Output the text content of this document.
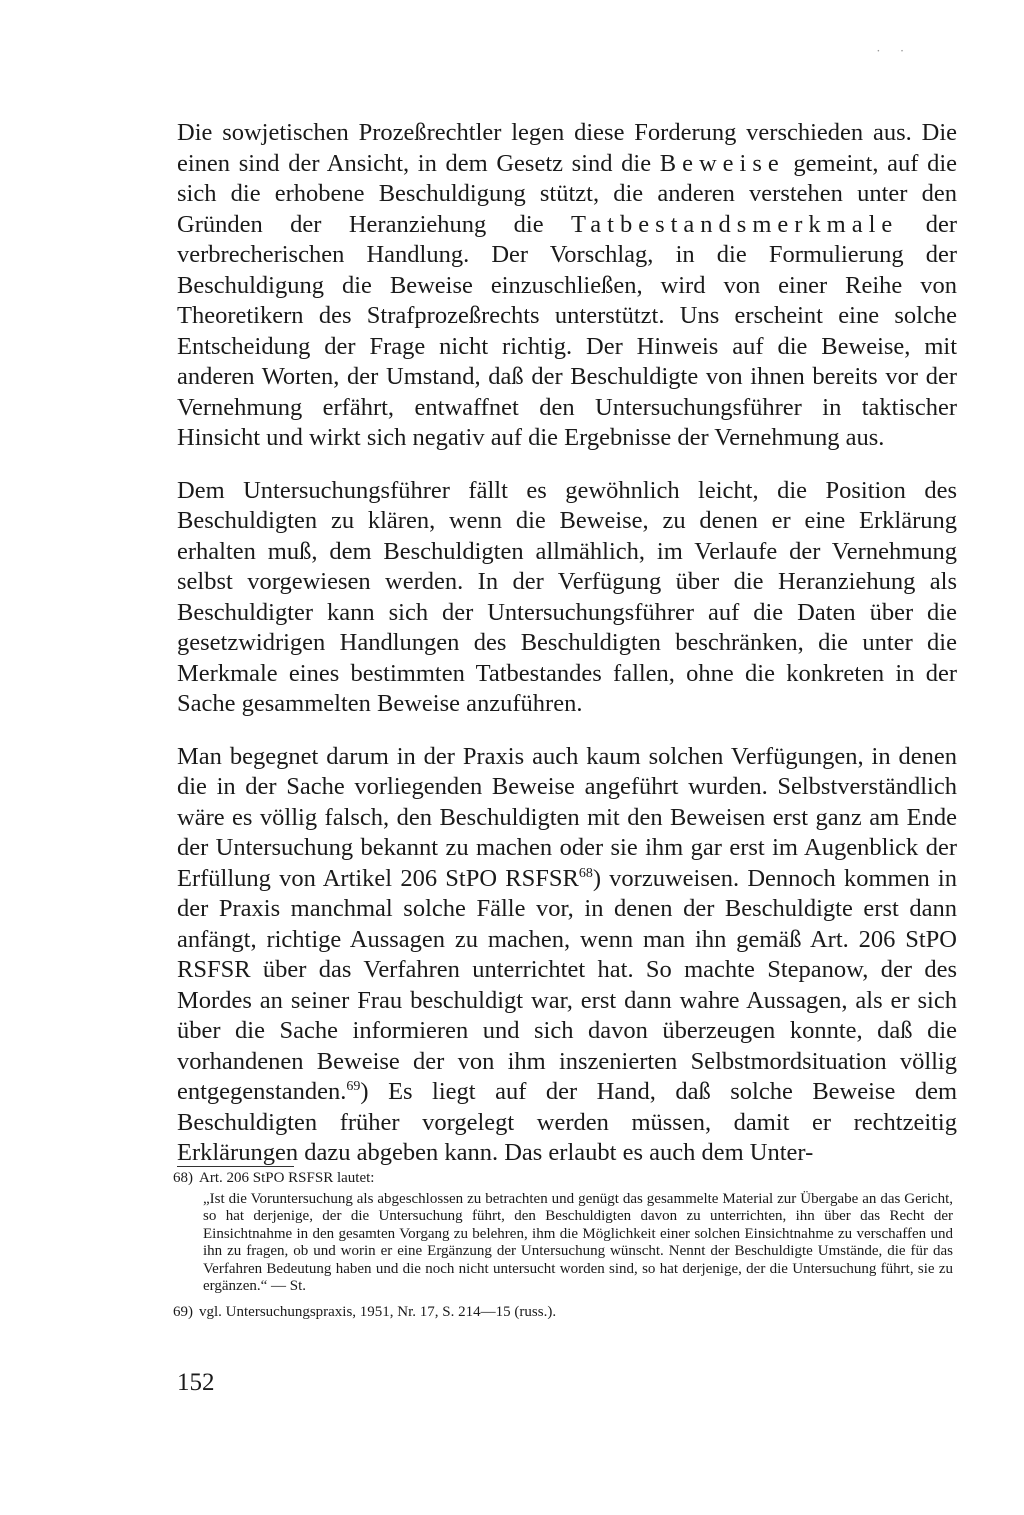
· ·

Die sowjetischen Prozeßrechtler legen diese Forderung verschieden aus. Die einen sind der Ansicht, in dem Gesetz sind die Beweise gemeint, auf die sich die erhobene Beschuldigung stützt, die anderen verstehen unter den Gründen der Heranziehung die Tatbestandsmerkmale der verbrecherischen Handlung. Der Vorschlag, in die Formulierung der Beschuldigung die Beweise einzuschließen, wird von einer Reihe von Theoretikern des Strafprozeßrechts unterstützt. Uns erscheint eine solche Entscheidung der Frage nicht richtig. Der Hinweis auf die Beweise, mit anderen Worten, der Umstand, daß der Beschuldigte von ihnen bereits vor der Vernehmung erfährt, entwaffnet den Untersuchungsführer in taktischer Hinsicht und wirkt sich negativ auf die Ergebnisse der Vernehmung aus.

Dem Untersuchungsführer fällt es gewöhnlich leicht, die Position des Beschuldigten zu klären, wenn die Beweise, zu denen er eine Erklärung erhalten muß, dem Beschuldigten allmählich, im Verlaufe der Vernehmung selbst vorgewiesen werden. In der Verfügung über die Heranziehung als Beschuldigter kann sich der Untersuchungsführer auf die Daten über die gesetzwidrigen Handlungen des Beschuldigten beschränken, die unter die Merkmale eines bestimmten Tatbestandes fallen, ohne die konkreten in der Sache gesammelten Beweise anzuführen.

Man begegnet darum in der Praxis auch kaum solchen Verfügungen, in denen die in der Sache vorliegenden Beweise angeführt wurden. Selbstverständlich wäre es völlig falsch, den Beschuldigten mit den Beweisen erst ganz am Ende der Untersuchung bekannt zu machen oder sie ihm gar erst im Augenblick der Erfüllung von Artikel 206 StPO RSFSR$^{68}$) vorzuweisen. Dennoch kommen in der Praxis manchmal solche Fälle vor, in denen der Beschuldigte erst dann anfängt, richtige Aussagen zu machen, wenn man ihn gemäß Art. 206 StPO RSFSR über das Verfahren unterrichtet hat. So machte Stepanow, der des Mordes an seiner Frau beschuldigt war, erst dann wahre Aussagen, als er sich über die Sache informieren und sich davon überzeugen konnte, daß die vorhandenen Beweise der von ihm inszenierten Selbstmordsituation völlig entgegenstanden.$^{69}$) Es liegt auf der Hand, daß solche Beweise dem Beschuldigten früher vorgelegt werden müssen, damit er rechtzeitig Erklärungen dazu abgeben kann. Das erlaubt es auch dem Unter-

68) Art. 206 StPO RSFSR lautet:

„Ist die Voruntersuchung als abgeschlossen zu betrachten und genügt das gesammelte Material zur Übergabe an das Gericht, so hat derjenige, der die Untersuchung führt, den Beschuldigten davon zu unterrichten, ihn über das Recht der Einsichtnahme in den gesamten Vorgang zu belehren, ihm die Möglichkeit einer solchen Einsichtnahme zu verschaffen und ihn zu fragen, ob und worin er eine Ergänzung der Untersuchung wünscht. Nennt der Beschuldigte Umstände, die für das Verfahren Bedeutung haben und die noch nicht untersucht worden sind, so hat derjenige, der die Untersuchung führt, sie zu ergänzen.“ — St.

69) vgl. Untersuchungspraxis, 1951, Nr. 17, S. 214—15 (russ.).

152
